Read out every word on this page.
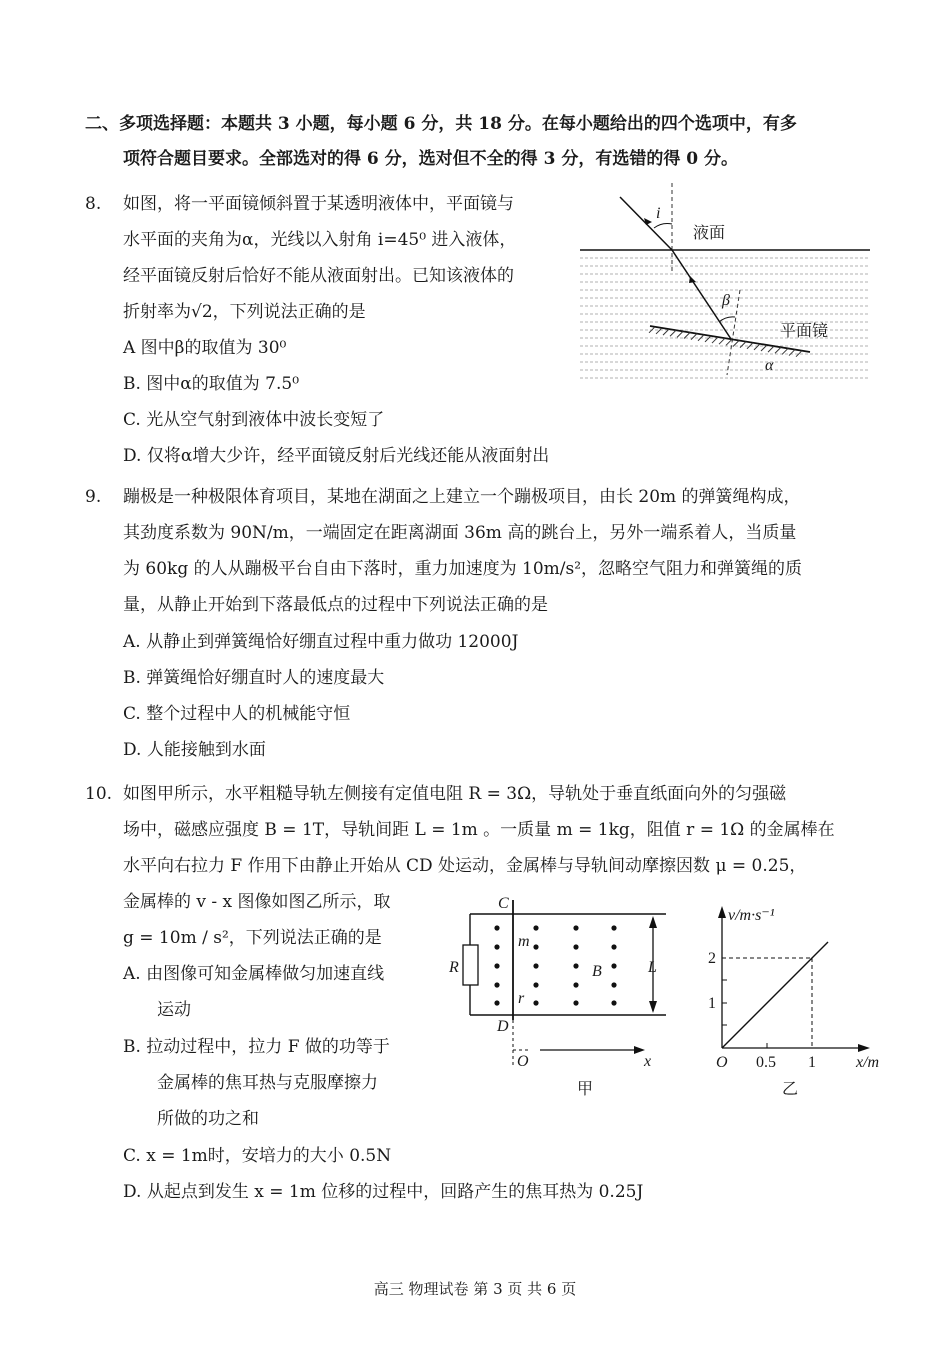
二、多项选择题：本题共 3 小题，每小题 6 分，共 18 分。在每小题给出的四个选项中，有多
项符合题目要求。全部选对的得 6 分，选对但不全的得 3 分，有选错的得 0 分。
8. 如图，将一平面镜倾斜置于某透明液体中，平面镜与
水平面的夹角为α，光线以入射角 i=45⁰ 进入液体，
经平面镜反射后恰好不能从液面射出。已知该液体的
折射率为√2，下列说法正确的是
A 图中β的取值为 30⁰
B. 图中α的取值为 7.5⁰
C. 光从空气射到液体中波长变短了
D. 仅将α增大少许，经平面镜反射后光线还能从液面射出
9. 蹦极是一种极限体育项目，某地在湖面之上建立一个蹦极项目，由长 20m 的弹簧绳构成，
其劲度系数为 90N/m，一端固定在距离湖面 36m 高的跳台上，另外一端系着人，当质量
为 60kg 的人从蹦极平台自由下落时，重力加速度为 10m/s²，忽略空气阻力和弹簧绳的质
量，从静止开始到下落最低点的过程中下列说法正确的是
A. 从静止到弹簧绳恰好绷直过程中重力做功 12000J
B. 弹簧绳恰好绷直时人的速度最大
C. 整个过程中人的机械能守恒
D. 人能接触到水面
10. 如图甲所示，水平粗糙导轨左侧接有定值电阻 R = 3Ω，导轨处于垂直纸面向外的匀强磁
场中，磁感应强度 B = 1T，导轨间距 L = 1m 。一质量 m = 1kg，阻值 r = 1Ω 的金属棒在
水平向右拉力 F 作用下由静止开始从 CD 处运动，金属棒与导轨间动摩擦因数 μ = 0.25，
金属棒的 v - x 图像如图乙所示，取
g = 10m / s²，下列说法正确的是
A. 由图像可知金属棒做匀加速直线
运动
B. 拉动过程中，拉力 F 做的功等于
金属棒的焦耳热与克服摩擦力
所做的功之和
C. x = 1m时，安培力的大小 0.5N
D. 从起点到发生 x = 1m 位移的过程中，回路产生的焦耳热为 0.25J
i
液面
β
平面镜
α
C
D
m
r
R	B	L
O	x
甲
v/m·s⁻¹
2
1
O 0.5 1	x/m
乙
高三 物理试卷 第 3 页 共 6 页
